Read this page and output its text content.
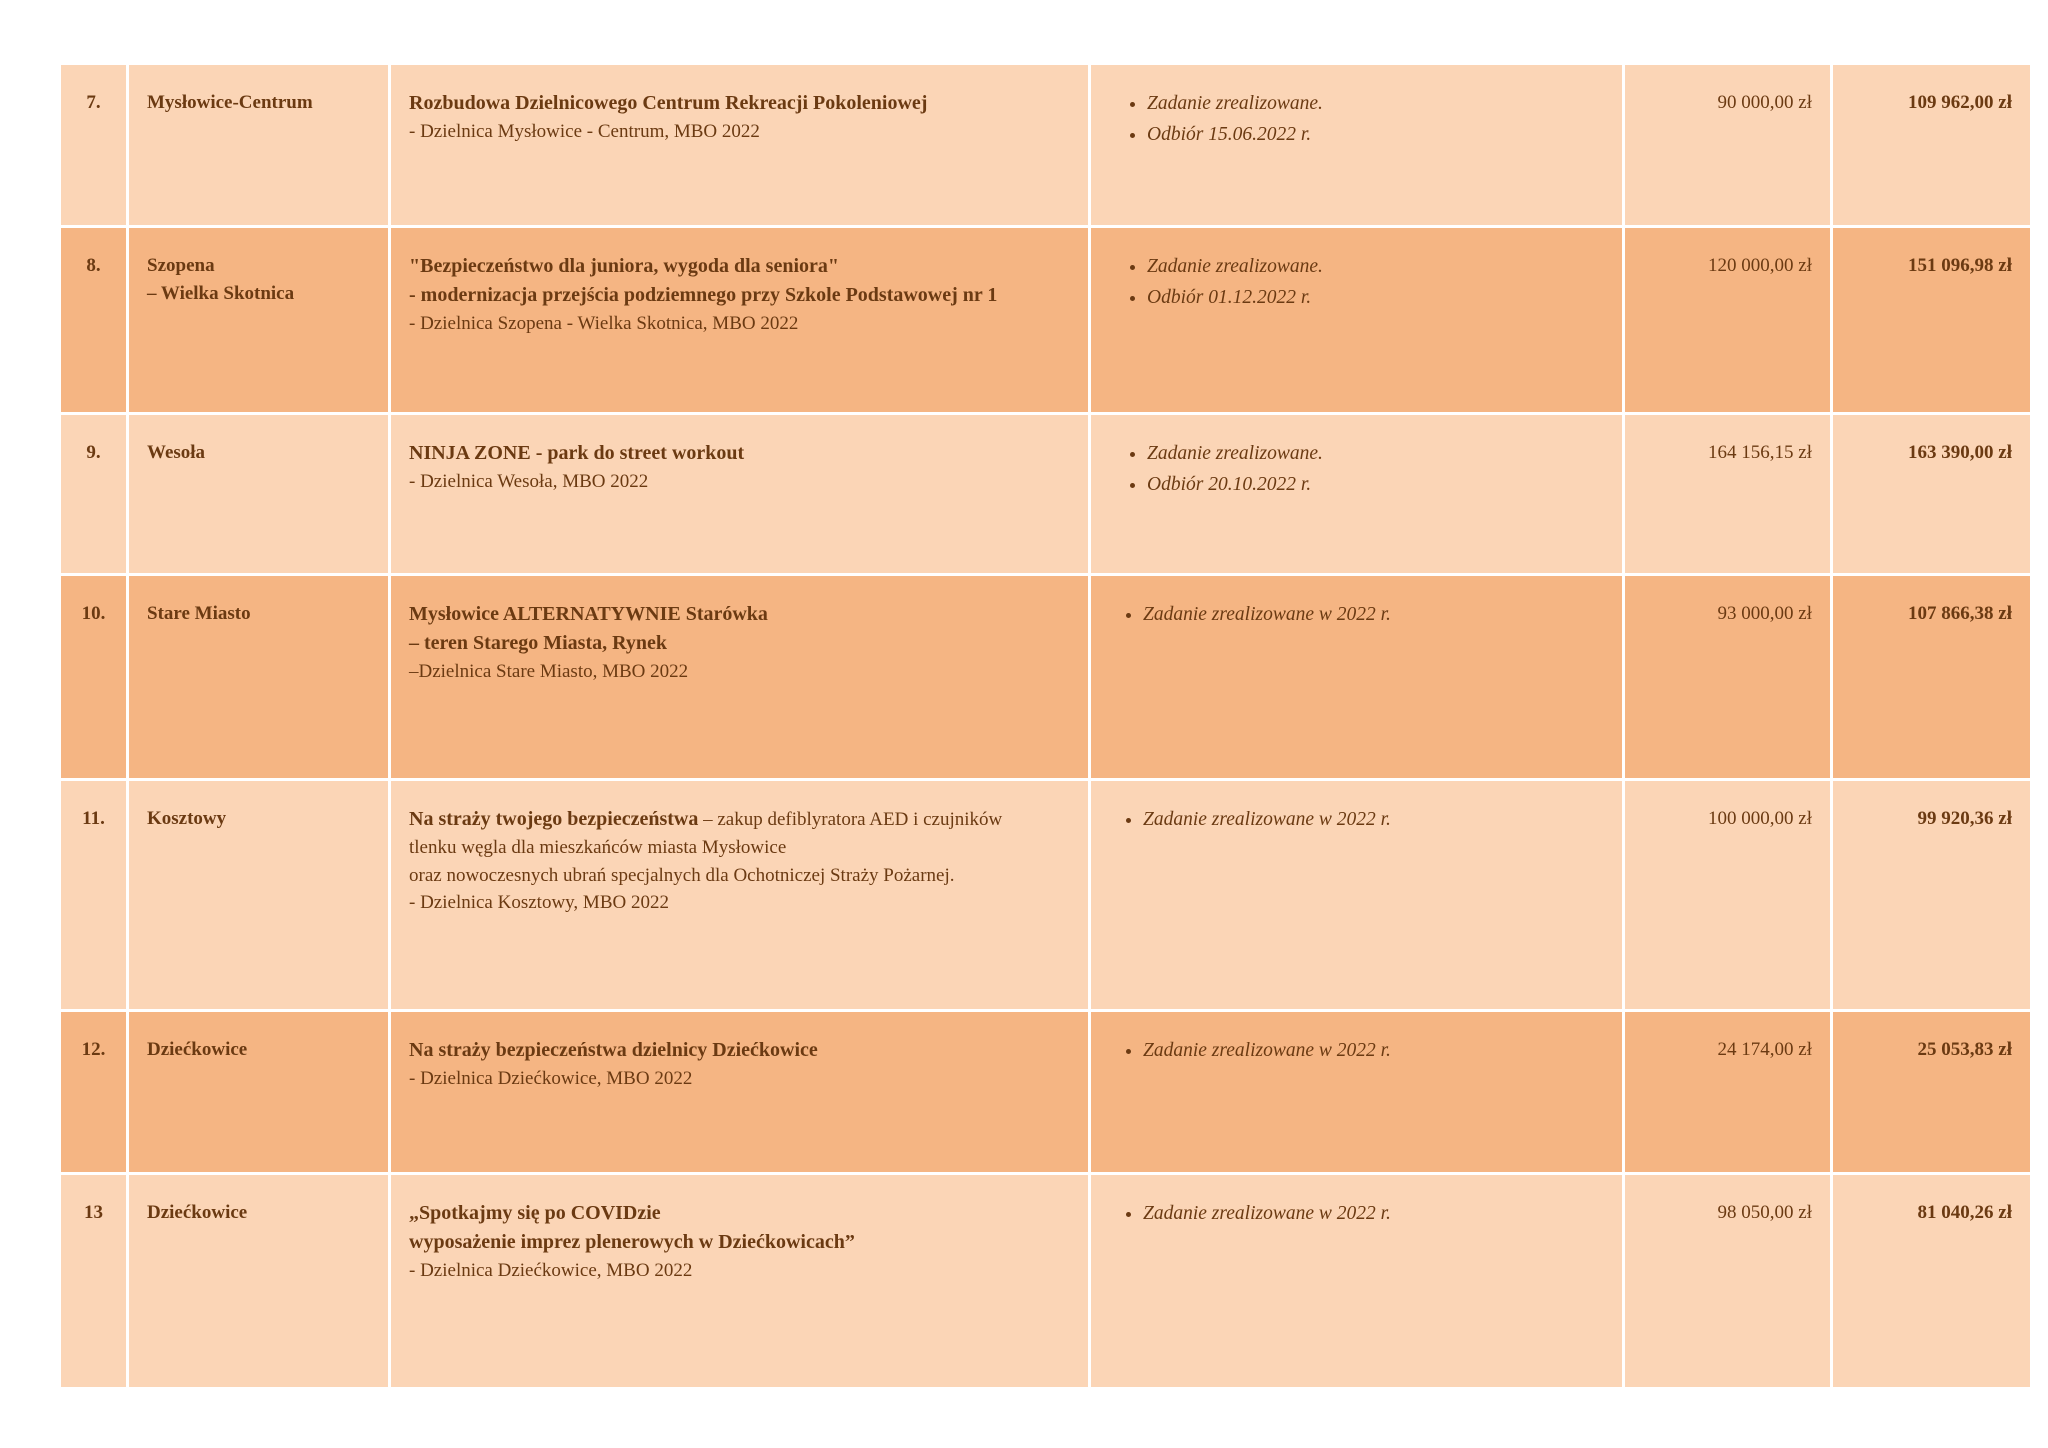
7.	Mysłowice-Centrum	Rozbudowa Dzielnicowego Centrum Rekreacji Pokoleniowej
- Dzielnica Mysłowice - Centrum, MBO 2022

• Zadanie zrealizowane.
• Odbiór 15.06.2022 r.
	90 000,00 zł	109 962,00 zł
8.	Szopena
– Wielka Skotnica	
"Bezpieczeństwo dla juniora, wygoda dla seniora"
- modernizacja przejścia podziemnego przy Szkole Podstawowej nr 1
- Dzielnica Szopena - Wielka Skotnica, MBO 2022

• Zadanie zrealizowane.
• Odbiór 01.12.2022 r.
	120 000,00 zł	151 096,98 zł
9.	Wesoła	NINJA ZONE - park do street workout
- Dzielnica Wesoła, MBO 2022

• Zadanie zrealizowane.
• Odbiór 20.10.2022 r.
	164 156,15 zł	163 390,00 zł
10.	Stare Miasto	Mysłowice ALTERNATYWNIE Starówka
– teren Starego Miasta, Rynek
–Dzielnica Stare Miasto, MBO 2022

• Zadanie zrealizowane w 2022 r.	93 000,00 zł	107 866,38 zł
11.	Kosztowy	Na straży twojego bezpieczeństwa – zakup defiblyratora AED i czujników
tlenku węgla dla mieszkańców miasta Mysłowice
oraz nowoczesnych ubrań specjalnych dla Ochotniczej Straży Pożarnej.
- Dzielnica Kosztowy, MBO 2022

• Zadanie zrealizowane w 2022 r.	100 000,00 zł	99 920,36 zł
12.	Dziećkowice	Na straży bezpieczeństwa dzielnicy Dziećkowice
- Dzielnica Dziećkowice, MBO 2022

• Zadanie zrealizowane w 2022 r.	24 174,00 zł	25 053,83 zł
13	Dziećkowice	„Spotkajmy się po COVIDzie
wyposażenie imprez plenerowych w Dziećkowicach”
- Dzielnica Dziećkowice, MBO 2022

• Zadanie zrealizowane w 2022 r.	98 050,00 zł	81 040,26 zł
